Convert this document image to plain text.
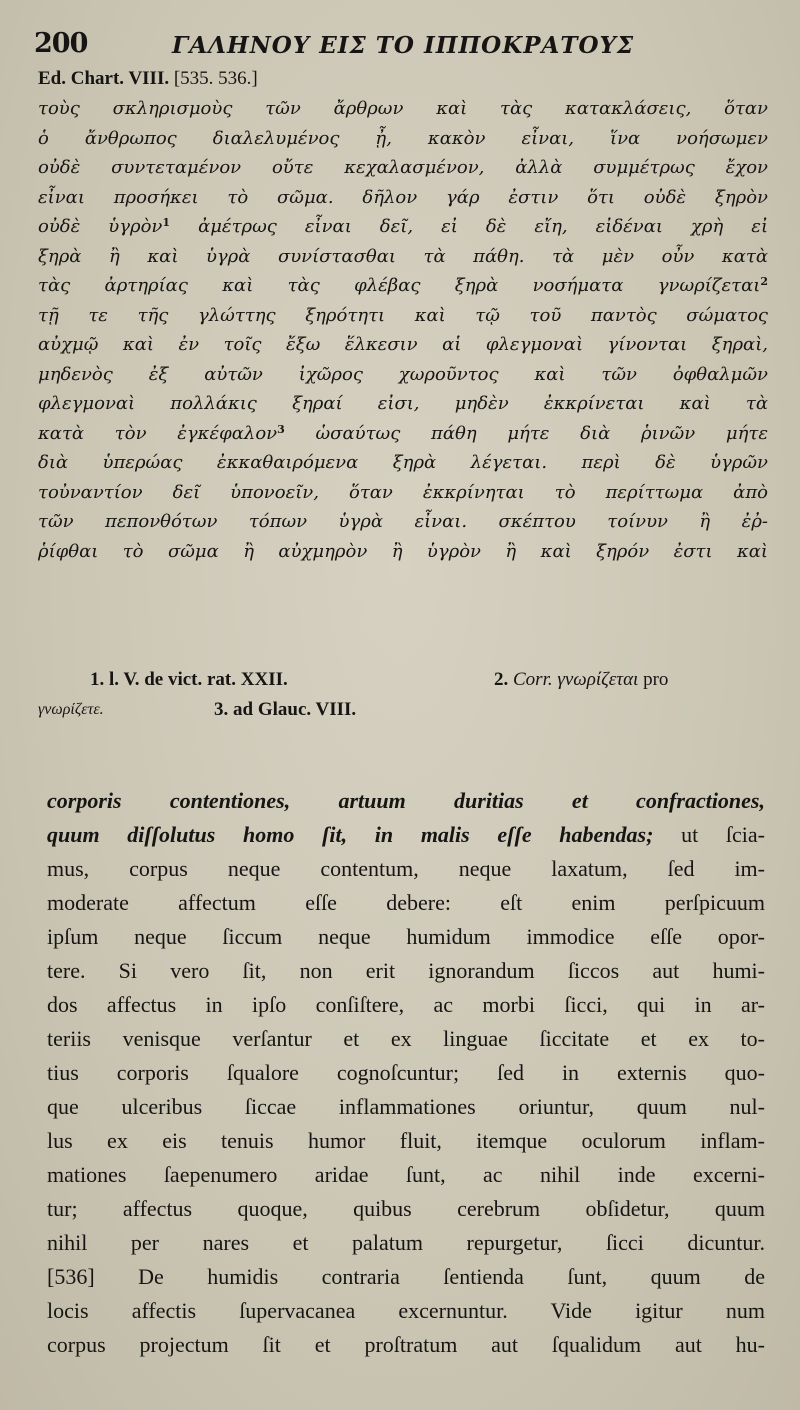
200	ΓΑΛΗΝΟΥ ΕΙΣ ΤΟ ΙΠΠΟΚΡΑΤΟΥΣ
Ed. Chart. VIII. [535. 536.]
τοὺς σκληρισμοὺς τῶν ἄρθρων καὶ τὰς κατακλάσεις, ὅταν
ὁ ἄνθρωπος διαλελυμένος ᾖ, κακὸν εἶναι, ἵνα νοήσωμεν
οὐδὲ συντεταμένον οὔτε κεχαλασμένον, ἀλλὰ συμμέτρως ἔχον
εἶναι προσήκει τὸ σῶμα. δῆλον γάρ ἐστιν ὅτι οὐδὲ ξηρὸν
οὐδὲ ὑγρὸν$^1$ ἀμέτρως εἶναι δεῖ, εἰ δὲ εἴη, εἰδέναι χρὴ εἰ
ξηρὰ ἢ καὶ ὑγρὰ συνίστασθαι τὰ πάθη. τὰ μὲν οὖν κατὰ
τὰς ἀρτηρίας καὶ τὰς φλέβας ξηρὰ νοσήματα γνωρίζεται$^2$
τῇ τε τῆς γλώττης ξηρότητι καὶ τῷ τοῦ παντὸς σώματος
αὐχμῷ καὶ ἐν τοῖς ἔξω ἕλκεσιν αἱ φλεγμοναὶ γίνονται ξηραὶ,
μηδενὸς ἐξ αὐτῶν ἰχῶρος χωροῦντος καὶ τῶν ὀφθαλμῶν
φλεγμοναὶ πολλάκις ξηραί εἰσι, μηδὲν ἐκκρίνεται καὶ τὰ
κατὰ τὸν ἐγκέφαλον$^3$ ὡσαύτως πάθη μήτε διὰ ῥινῶν μήτε
διὰ ὑπερώας ἐκκαθαιρόμενα ξηρὰ λέγεται. περὶ δὲ ὑγρῶν
τοὐναντίον δεῖ ὑπονοεῖν, ὅταν ἐκκρίνηται τὸ περίττωμα ἀπὸ
τῶν πεπονθότων τόπων ὑγρὰ εἶναι. σκέπτου τοίνυν ἢ ἐῤ-
ῥίφθαι τὸ σῶμα ἢ αὐχμηρὸν ἢ ὑγρὸν ἢ καὶ ξηρόν ἐστι καὶ
1. l. V. de vict. rat. XXII.	2. Corr. γνωρίζεται pro
γνωρίζετε.	3. ad Glauc. VIII.
corporis contentiones, artuum duritias et confractiones,
quum diſſolutus homo ſit, in malis eſſe habendas; ut ſcia-
mus, corpus neque contentum, neque laxatum, ſed im-
moderate affectum eſſe debere: eſt enim perſpicuum
ipſum neque ſiccum neque humidum immodice eſſe opor-
tere. Si vero ſit, non erit ignorandum ſiccos aut humi-
dos affectus in ipſo conſiſtere, ac morbi ſicci, qui in ar-
teriis venisque verſantur et ex linguae ſiccitate et ex to-
tius corporis ſqualore cognoſcuntur; ſed in externis quo-
que ulceribus ſiccae inflammationes oriuntur, quum nul-
lus ex eis tenuis humor fluit, itemque oculorum inflam-
mationes ſaepenumero aridae ſunt, ac nihil inde excerni-
tur; affectus quoque, quibus cerebrum obſidetur, quum
nihil per nares et palatum repurgetur, ſicci dicuntur.
[536] De humidis contraria ſentienda ſunt, quum de
locis affectis ſupervacanea excernuntur. Vide igitur num
corpus projectum ſit et proſtratum aut ſqualidum aut hu-
